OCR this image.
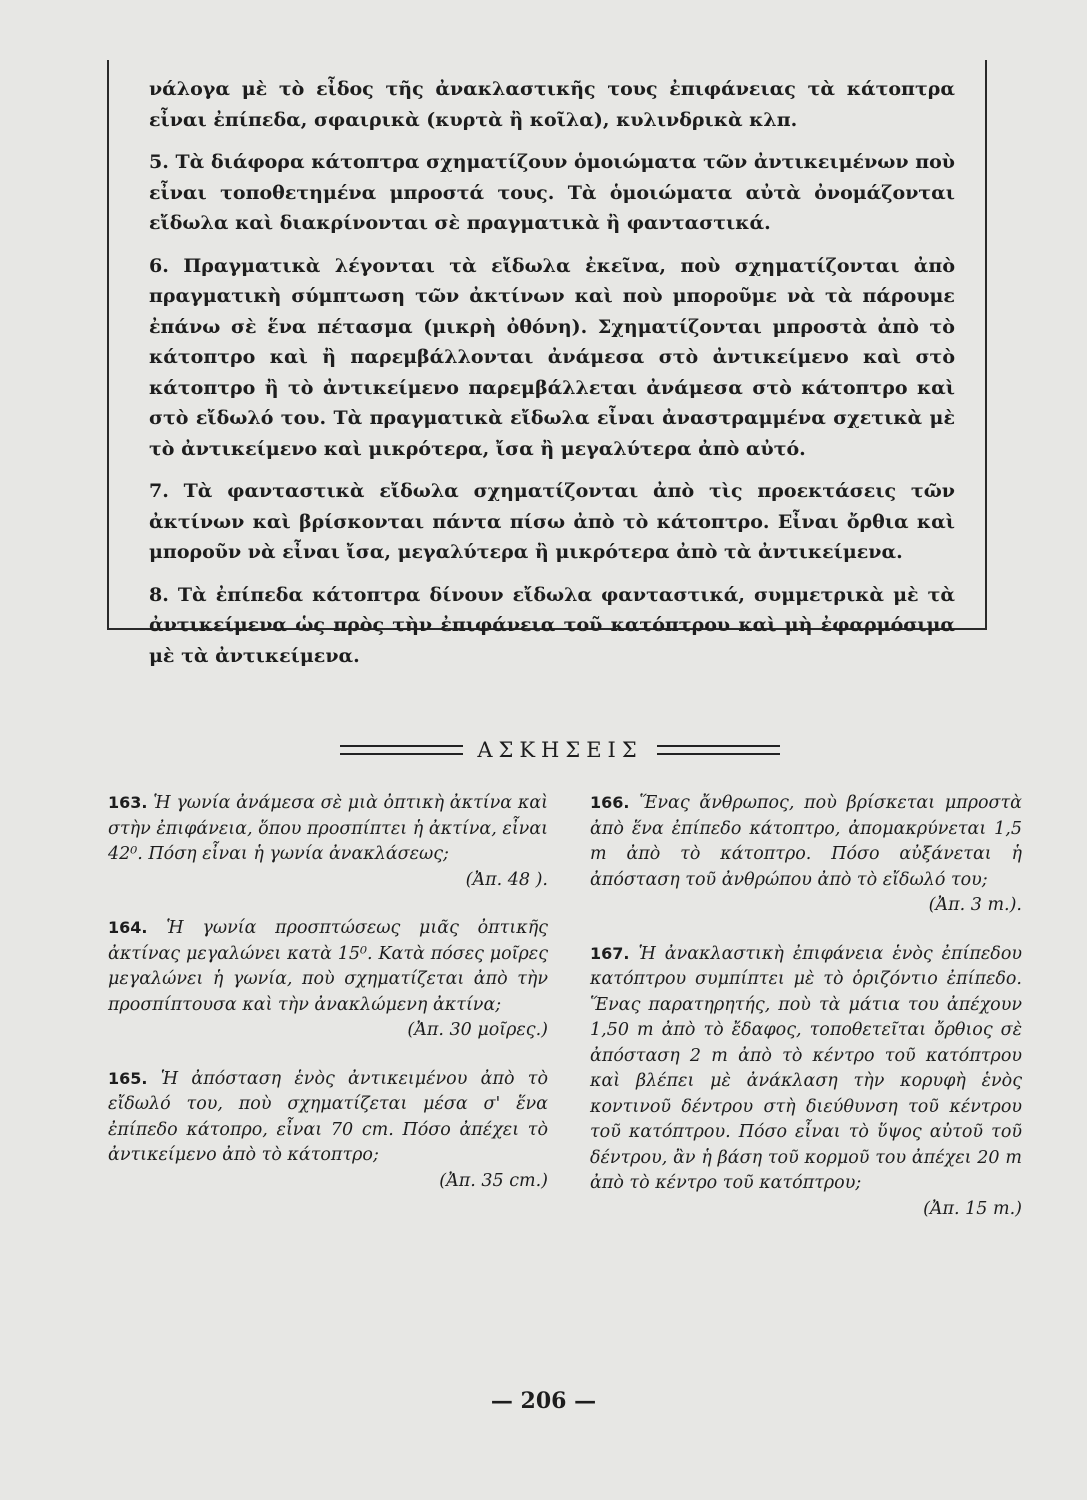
νάλογα μὲ τὸ εἶδος τῆς ἀνακλαστικῆς τους ἐπιφάνειας τὰ κάτοπτρα εἶναι ἐπίπεδα, σφαιρικὰ (κυρτὰ ἢ κοῖλα), κυλινδρικὰ κλπ.

5. Τὰ διάφορα κάτοπτρα σχηματίζουν ὁμοιώματα τῶν ἀντικειμένων ποὺ εἶναι τοποθετημένα μπροστά τους. Τὰ ὁμοιώματα αὐτὰ ὀνομάζονται εἴδωλα καὶ διακρίνονται σὲ πραγματικὰ ἢ φανταστικά.

6. Πραγματικὰ λέγονται τὰ εἴδωλα ἐκεῖνα, ποὺ σχηματίζονται ἀπὸ πραγματικὴ σύμπτωση τῶν ἀκτίνων καὶ ποὺ μποροῦμε νὰ τὰ πάρουμε ἐπάνω σὲ ἕνα πέτασμα (μικρὴ ὀθόνη). Σχηματίζονται μπροστὰ ἀπὸ τὸ κάτοπτρο καὶ ἢ παρεμβάλλονται ἀνάμεσα στὸ ἀντικείμενο καὶ στὸ κάτοπτρο ἢ τὸ ἀντικείμενο παρεμβάλλεται ἀνάμεσα στὸ κάτοπτρο καὶ στὸ εἴδωλό του. Τὰ πραγματικὰ εἴδωλα εἶναι ἀναστραμμένα σχετικὰ μὲ τὸ ἀντικείμενο καὶ μικρότερα, ἴσα ἢ μεγαλύτερα ἀπὸ αὐτό.

7. Τὰ φανταστικὰ εἴδωλα σχηματίζονται ἀπὸ τὶς προεκτάσεις τῶν ἀκτίνων καὶ βρίσκονται πάντα πίσω ἀπὸ τὸ κάτοπτρο. Εἶναι ὄρθια καὶ μποροῦν νὰ εἶναι ἴσα, μεγαλύτερα ἢ μικρότερα ἀπὸ τὰ ἀντικείμενα.

8. Τὰ ἐπίπεδα κάτοπτρα δίνουν εἴδωλα φανταστικά, συμμετρικὰ μὲ τὰ ἀντικείμενα ὡς πρὸς τὴν ἐπιφάνεια τοῦ κατόπτρου καὶ μὴ ἐφαρμόσιμα μὲ τὰ ἀντικείμενα.

ΑΣΚΗΣΕΙΣ
163. Ἡ γωνία ἀνάμεσα σὲ μιὰ ὀπτικὴ ἀκτίνα καὶ στὴν ἐπιφάνεια, ὅπου προσπίπτει ἡ ἀκτίνα, εἶναι 42⁰. Πόση εἶναι ἡ γωνία ἀνακλάσεως;
(Ἀπ. 48 ).
164. Ἡ γωνία προσπτώσεως μιᾶς ὀπτικῆς ἀκτίνας μεγαλώνει κατὰ 15⁰. Κατὰ πόσες μοῖρες μεγαλώνει ἡ γωνία, ποὺ σχηματίζεται ἀπὸ τὴν προσπίπτουσα καὶ τὴν ἀνακλώμενη ἀκτίνα;
(Ἀπ. 30 μοῖρες.)
165. Ἡ ἀπόσταση ἑνὸς ἀντικειμένου ἀπὸ τὸ εἴδωλό του, ποὺ σχηματίζεται μέσα σ' ἕνα ἐπίπεδο κάτοπρο, εἶναι 70 cm. Πόσο ἀπέχει τὸ ἀντικείμενο ἀπὸ τὸ κάτοπτρο;
(Ἀπ. 35 cm.)
166. Ἕνας ἄνθρωπος, ποὺ βρίσκεται μπροστὰ ἀπὸ ἕνα ἐπίπεδο κάτοπτρο, ἀπομακρύνεται 1,5 m ἀπὸ τὸ κάτοπτρο. Πόσο αὐξάνεται ἡ ἀπόσταση τοῦ ἀνθρώπου ἀπὸ τὸ εἴδωλό του;
(Ἀπ. 3 m.).
167. Ἡ ἀνακλαστικὴ ἐπιφάνεια ἑνὸς ἐπίπεδου κατόπτρου συμπίπτει μὲ τὸ ὁριζόντιο ἐπίπεδο. Ἕνας παρατηρητής, ποὺ τὰ μάτια του ἀπέχουν 1,50 m ἀπὸ τὸ ἔδαφος, τοποθετεῖται ὄρθιος σὲ ἀπόσταση 2 m ἀπὸ τὸ κέντρο τοῦ κατόπτρου καὶ βλέπει μὲ ἀνάκλαση τὴν κορυφὴ ἑνὸς κοντινοῦ δέντρου στὴ διεύθυνση τοῦ κέντρου τοῦ κατόπτρου. Πόσο εἶναι τὸ ὕψος αὐτοῦ τοῦ δέντρου, ἂν ἡ βάση τοῦ κορμοῦ του ἀπέχει 20 m ἀπὸ τὸ κέντρο τοῦ κατόπτρου;
(Ἀπ. 15 m.)
— 206 —
